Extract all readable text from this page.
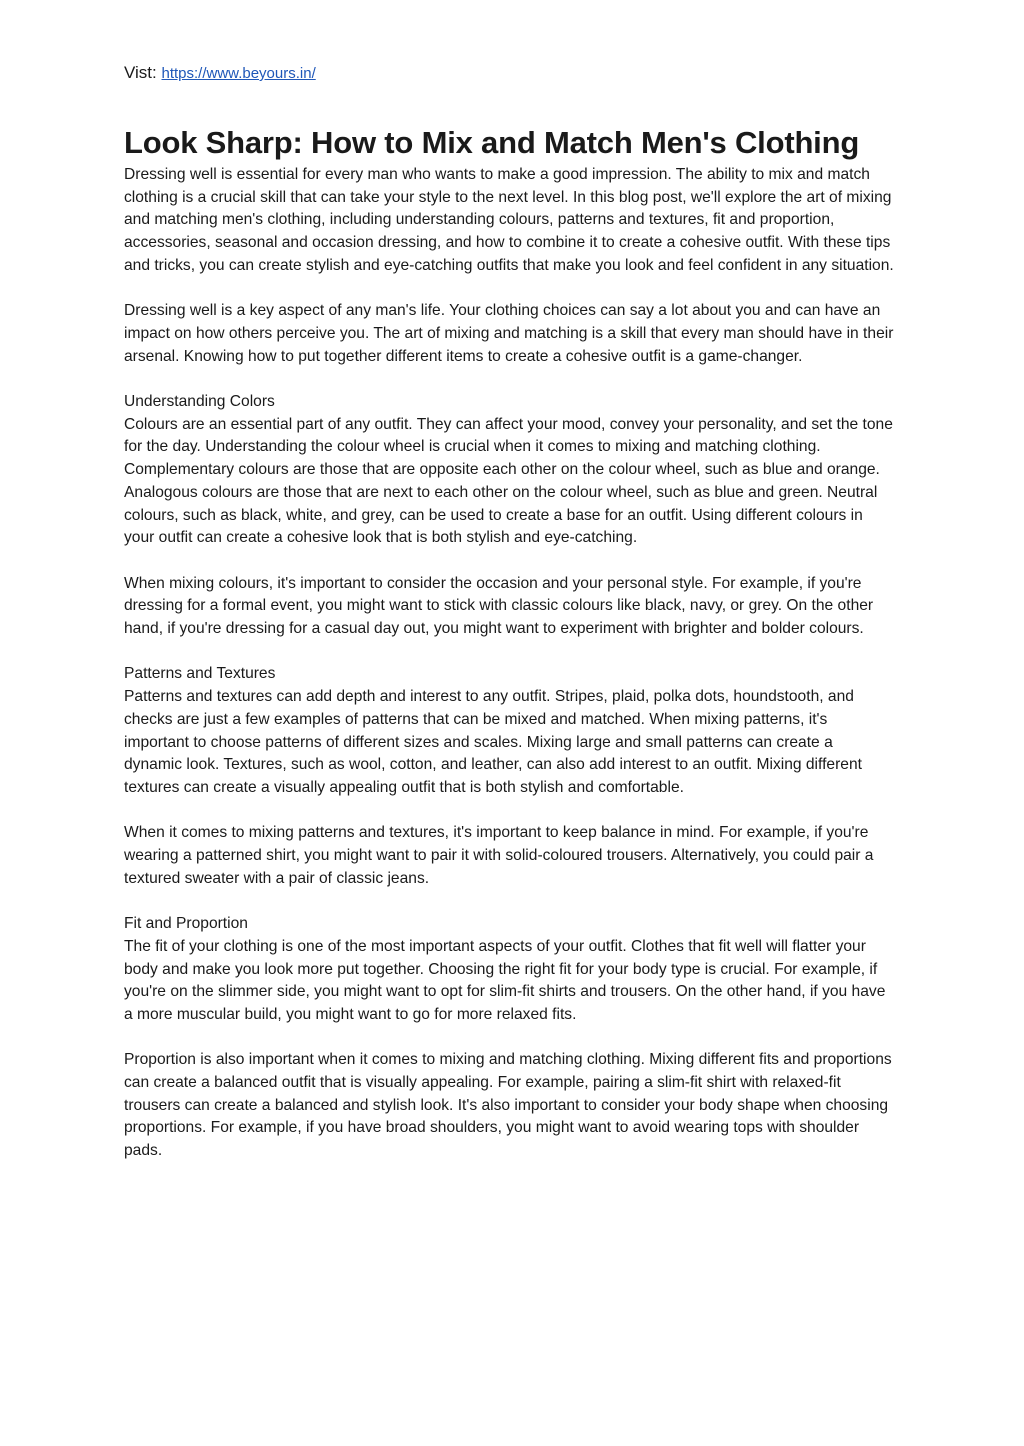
Vist: https://www.beyours.in/
Look Sharp: How to Mix and Match Men's Clothing

Dressing well is essential for every man who wants to make a good impression. The ability to mix and match clothing is a crucial skill that can take your style to the next level. In this blog post, we'll explore the art of mixing and matching men's clothing, including understanding colours, patterns and textures, fit and proportion, accessories, seasonal and occasion dressing, and how to combine it to create a cohesive outfit. With these tips and tricks, you can create stylish and eye-catching outfits that make you look and feel confident in any situation.

Dressing well is a key aspect of any man's life. Your clothing choices can say a lot about you and can have an impact on how others perceive you. The art of mixing and matching is a skill that every man should have in their arsenal. Knowing how to put together different items to create a cohesive outfit is a game-changer.

Understanding Colors
Colours are an essential part of any outfit. They can affect your mood, convey your personality, and set the tone for the day. Understanding the colour wheel is crucial when it comes to mixing and matching clothing. Complementary colours are those that are opposite each other on the colour wheel, such as blue and orange. Analogous colours are those that are next to each other on the colour wheel, such as blue and green. Neutral colours, such as black, white, and grey, can be used to create a base for an outfit. Using different colours in your outfit can create a cohesive look that is both stylish and eye-catching.

When mixing colours, it's important to consider the occasion and your personal style. For example, if you're dressing for a formal event, you might want to stick with classic colours like black, navy, or grey. On the other hand, if you're dressing for a casual day out, you might want to experiment with brighter and bolder colours.

Patterns and Textures
Patterns and textures can add depth and interest to any outfit. Stripes, plaid, polka dots, houndstooth, and checks are just a few examples of patterns that can be mixed and matched. When mixing patterns, it's important to choose patterns of different sizes and scales. Mixing large and small patterns can create a dynamic look. Textures, such as wool, cotton, and leather, can also add interest to an outfit. Mixing different textures can create a visually appealing outfit that is both stylish and comfortable.

When it comes to mixing patterns and textures, it's important to keep balance in mind. For example, if you're wearing a patterned shirt, you might want to pair it with solid-coloured trousers. Alternatively, you could pair a textured sweater with a pair of classic jeans.

Fit and Proportion
The fit of your clothing is one of the most important aspects of your outfit. Clothes that fit well will flatter your body and make you look more put together. Choosing the right fit for your body type is crucial. For example, if you're on the slimmer side, you might want to opt for slim-fit shirts and trousers. On the other hand, if you have a more muscular build, you might want to go for more relaxed fits.

Proportion is also important when it comes to mixing and matching clothing. Mixing different fits and proportions can create a balanced outfit that is visually appealing. For example, pairing a slim-fit shirt with relaxed-fit trousers can create a balanced and stylish look. It's also important to consider your body shape when choosing proportions. For example, if you have broad shoulders, you might want to avoid wearing tops with shoulder pads.
